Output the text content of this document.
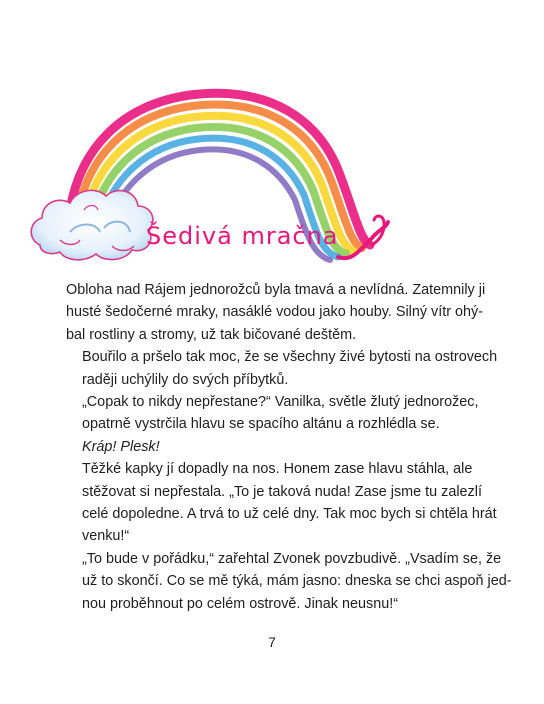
Šedivá mračna

Obloha nad Rájem jednorožců byla tmavá a nevlídná. Zatemnily ji
husté šedočerné mraky, nasáklé vodou jako houby. Silný vítr ohý-
bal rostliny a stromy, už tak bičované deštěm.

Bouřilo a pršelo tak moc, že se všechny živé bytosti na ostrovech
raději uchýlily do svých příbytků.

„Copak to nikdy nepřestane?“ Vanilka, světle žlutý jednorožec,
opatrně vystrčila hlavu se spacího altánu a rozhlédla se.

Kráp! Plesk!

Těžké kapky jí dopadly na nos. Honem zase hlavu stáhla, ale
stěžovat si nepřestala. „To je taková nuda! Zase jsme tu zalezlí
celé dopoledne. A trvá to už celé dny. Tak moc bych si chtěla hrát
venku!“

„To bude v pořádku,“ zařehtal Zvonek povzbudivě. „Vsadím se, že
už to skončí. Co se mě týká, mám jasno: dneska se chci aspoň jed-
nou proběhnout po celém ostrově. Jinak neusnu!“

7
